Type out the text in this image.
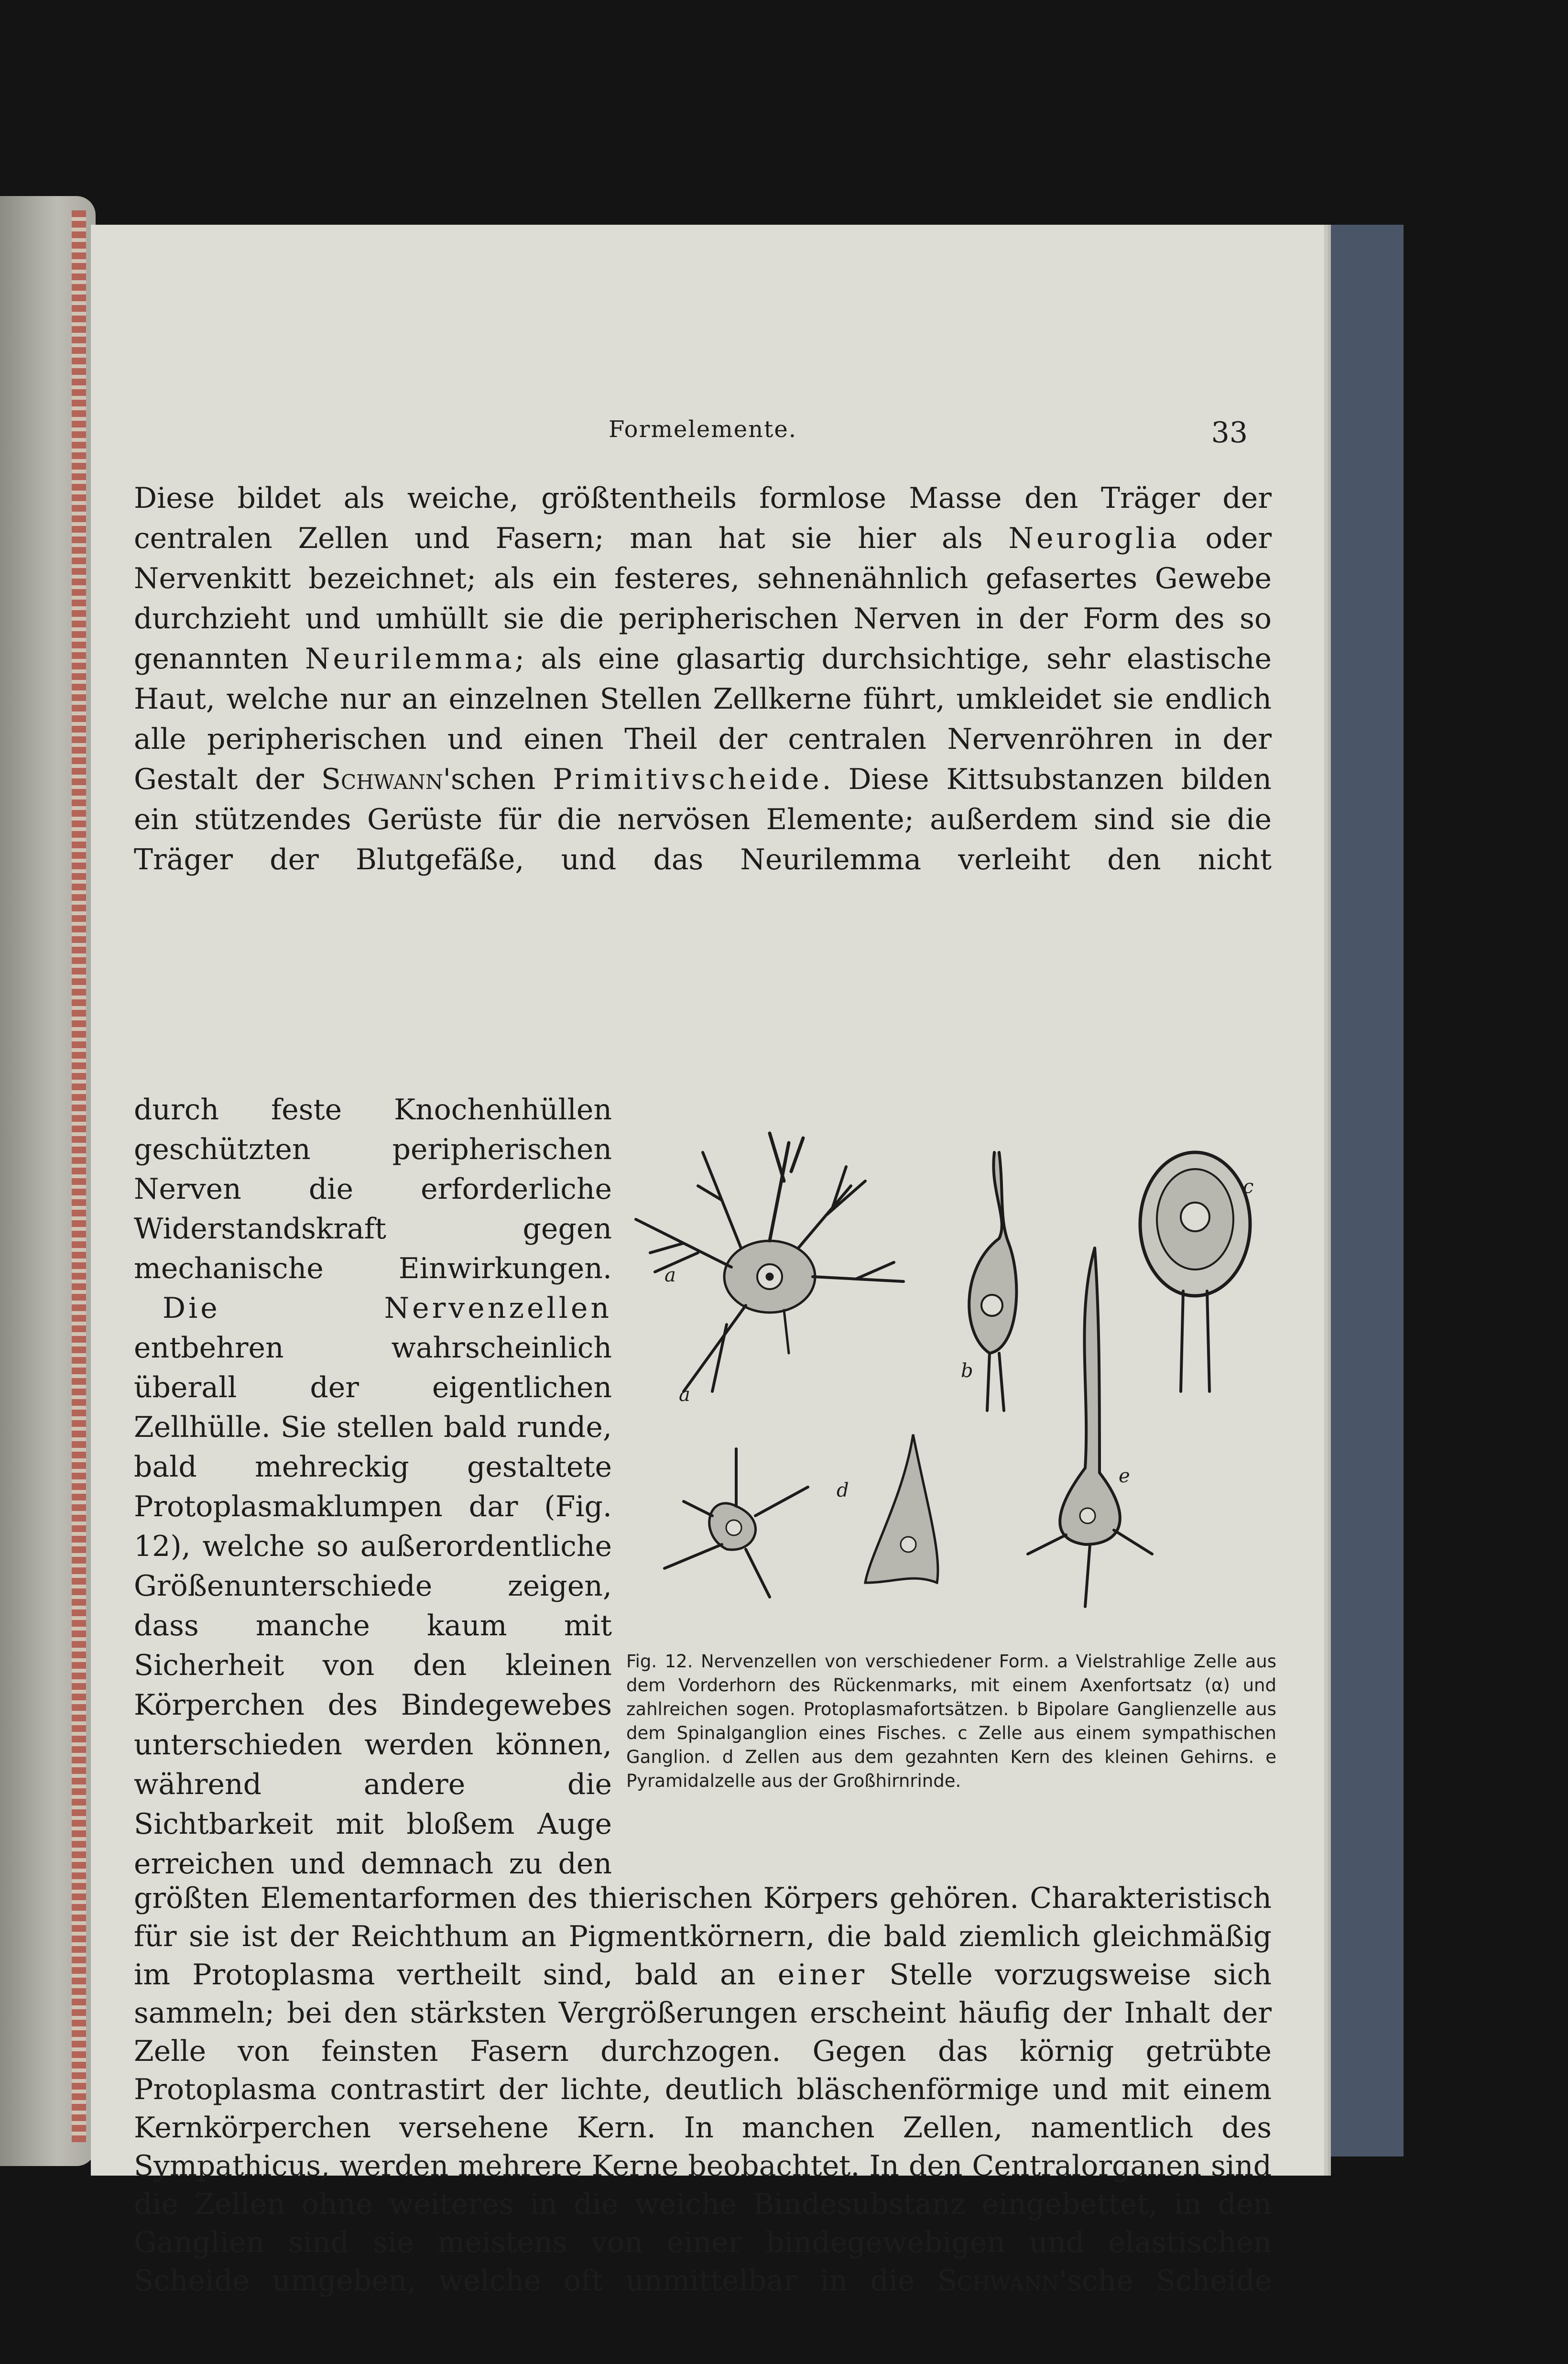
Formelemente.	33

Diese bildet als weiche, größtentheils formlose Masse den Träger der centralen Zellen und Fasern; man hat sie hier als Neuroglia oder Nervenkitt bezeichnet; als ein festeres, sehnenähnlich gefasertes Gewebe durchzieht und umhüllt sie die peripherischen Nerven in der Form des so genannten Neurilemma; als eine glasartig durchsichtige, sehr elastische Haut, welche nur an einzelnen Stellen Zellkerne führt, umkleidet sie endlich alle peripherischen und einen Theil der centralen Nervenröhren in der Gestalt der Schwann'schen Primitivscheide. Diese Kittsubstanzen bilden ein stützendes Gerüste für die nervösen Elemente; außerdem sind sie die Träger der Blutgefäße, und das Neurilemma verleiht den nicht

durch feste Knochenhüllen geschützten peripherischen Nerven die erforderliche Widerstandskraft gegen mechanische Einwirkungen.
 Die Nervenzellen entbehren wahrscheinlich überall der eigentlichen Zellhülle. Sie stellen bald runde, bald mehreckig gestaltete Protoplasmaklumpen dar (Fig. 12), welche so außerordentliche Größenunterschiede zeigen, dass manche kaum mit Sicherheit von den kleinen Körperchen des Bindegewebes unterschieden werden können, während andere die Sichtbarkeit mit bloßem Auge erreichen und demnach zu den

a
a
b
c
d
e
Fig. 12. Nervenzellen von verschiedener Form. a Vielstrahlige Zelle aus dem Vorderhorn des Rückenmarks, mit einem Axenfortsatz (α) und zahlreichen sogen. Protoplasmafortsätzen. b Bipolare Ganglienzelle aus dem Spinalganglion eines Fisches. c Zelle aus einem sympathischen Ganglion. d Zellen aus dem gezahnten Kern des kleinen Gehirns. e Pyramidalzelle aus der Großhirnrinde.

größten Elementarformen des thierischen Körpers gehören. Charakteristisch für sie ist der Reichthum an Pigmentkörnern, die bald ziemlich gleichmäßig im Protoplasma vertheilt sind, bald an einer Stelle vorzugsweise sich sammeln; bei den stärksten Vergrößerungen erscheint häufig der Inhalt der Zelle von feinsten Fasern durchzogen. Gegen das körnig getrübte Protoplasma contrastirt der lichte, deutlich bläschenförmige und mit einem Kernkörperchen versehene Kern. In manchen Zellen, namentlich des Sympathicus, werden mehrere Kerne beobachtet. In den Centralorganen sind die Zellen ohne weiteres in die weiche Bindesubstanz eingebettet, in den Ganglien sind sie meistens von einer bindegewebigen und elastischen Scheide umgeben, welche oft unmittelbar in die Schwann'sche Scheide
